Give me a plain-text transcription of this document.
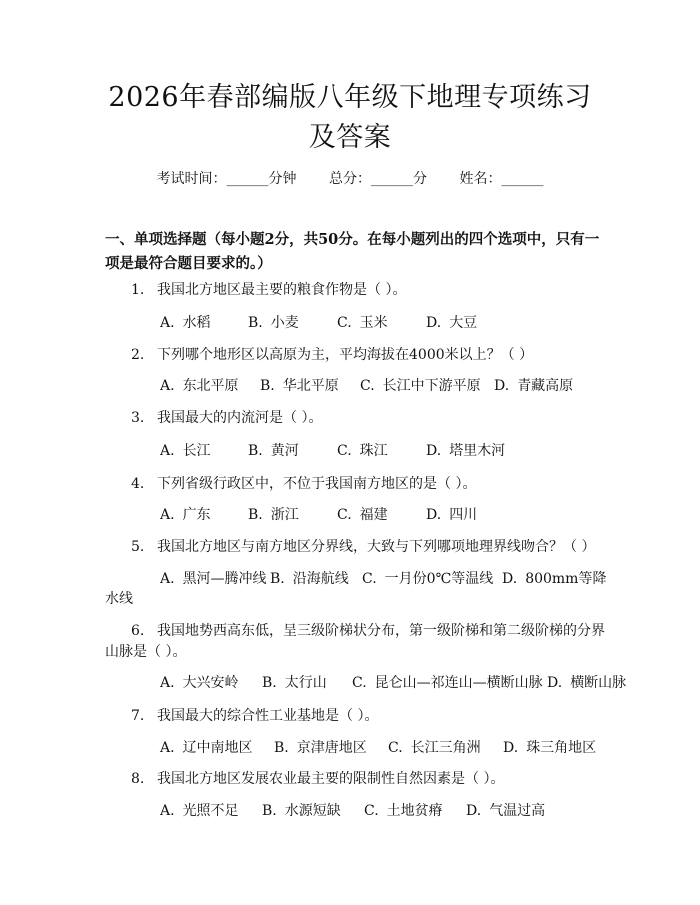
2026年春部编版八年级下地理专项练习及答案
考试时间：______分钟 总分：______分 姓名：______
一、单项选择题（每小题2分，共50分。在每小题列出的四个选项中，只有一项是最符合题目要求的。）
1. 我国北方地区最主要的粮食作物是（ ）。
A. 水稻	B. 小麦	C. 玉米	D. 大豆
2. 下列哪个地形区以高原为主，平均海拔在4000米以上？（ ）
A. 东北平原 B. 华北平原 C. 长江中下游平原 D. 青藏高原
3. 我国最大的内流河是（ ）。
A. 长江	B. 黄河	C. 珠江	D. 塔里木河
4. 下列省级行政区中，不位于我国南方地区的是（ ）。
A. 广东	B. 浙江	C. 福建	D. 四川
5. 我国北方地区与南方地区分界线，大致与下列哪项地理界线吻合？（ ）
A. 黑河—腾冲线 B. 沿海航线 C. 一月份0℃等温线 D. 800mm等降
水线
6. 我国地势西高东低，呈三级阶梯状分布，第一级阶梯和第二级阶梯的分界
山脉是（ ）。
A. 大兴安岭 B. 太行山 C. 昆仑山—祁连山—横断山脉 D. 横断山脉
7. 我国最大的综合性工业基地是（ ）。
A. 辽中南地区 B. 京津唐地区 C. 长江三角洲 D. 珠三角地区
8. 我国北方地区发展农业最主要的限制性自然因素是（ ）。
A. 光照不足 B. 水源短缺 C. 土地贫瘠 D. 气温过高
